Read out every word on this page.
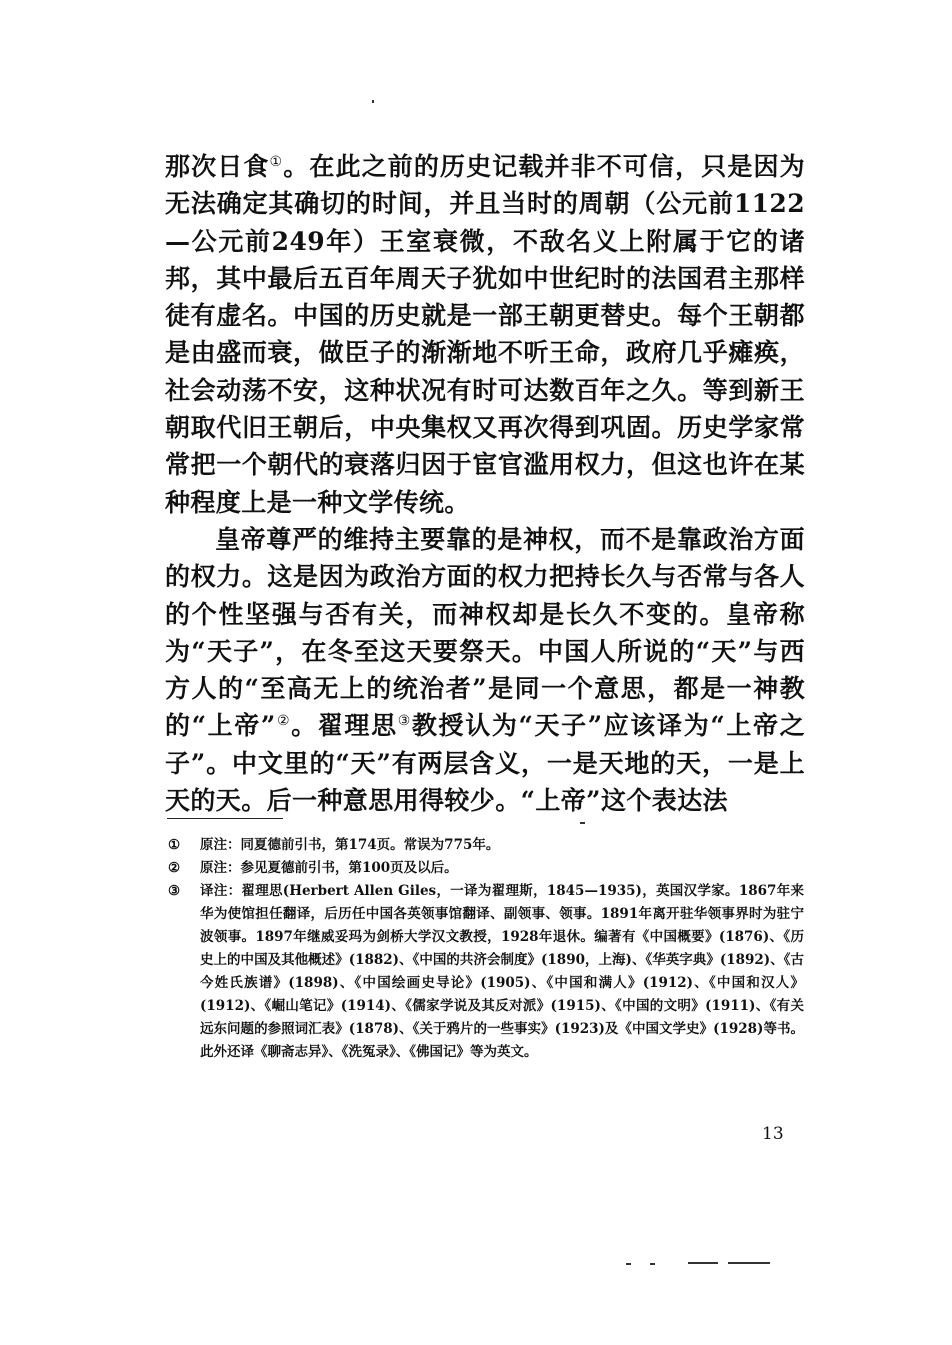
那次日食①。在此之前的历史记载并非不可信，只是因为无法确定其确切的时间，并且当时的周朝（公元前1122—公元前249年）王室衰微，不敌名义上附属于它的诸邦，其中最后五百年周天子犹如中世纪时的法国君主那样徒有虚名。中国的历史就是一部王朝更替史。每个王朝都是由盛而衰，做臣子的渐渐地不听王命，政府几乎瘫痪，社会动荡不安，这种状况有时可达数百年之久。等到新王朝取代旧王朝后，中央集权又再次得到巩固。历史学家常常把一个朝代的衰落归因于宦官滥用权力，但这也许在某种程度上是一种文学传统。

皇帝尊严的维持主要靠的是神权，而不是靠政治方面的权力。这是因为政治方面的权力把持长久与否常与各人的个性坚强与否有关，而神权却是长久不变的。皇帝称为“天子”，在冬至这天要祭天。中国人所说的“天”与西方人的“至高无上的统治者”是同一个意思，都是一神教的“上帝”②。翟理思③教授认为“天子”应该译为“上帝之子”。中文里的“天”有两层含义，一是天地的天，一是上天的天。后一种意思用得较少。“上帝”这个表达法

①	原注：同夏德前引书，第174页。常误为775年。
②	原注：参见夏德前引书，第100页及以后。
③	译注：翟理思(Herbert Allen Giles，一译为翟理斯，1845—1935)，英国汉学家。1867年来华为使馆担任翻译，后历任中国各英领事馆翻译、副领事、领事。1891年离开驻华领事界时为驻宁波领事。1897年继威妥玛为剑桥大学汉文教授，1928年退休。编著有《中国概要》(1876)、《历史上的中国及其他概述》(1882)、《中国的共济会制度》(1890，上海)、《华英字典》(1892)、《古今姓氏族谱》(1898)、《中国绘画史导论》(1905)、《中国和满人》(1912)、《中国和汉人》(1912)、《崛山笔记》(1914)、《儒家学说及其反对派》(1915)、《中国的文明》(1911)、《有关远东问题的参照词汇表》(1878)、《关于鸦片的一些事实》(1923)及《中国文学史》(1928)等书。此外还译《聊斋志异》、《洗冤录》、《佛国记》等为英文。
13
